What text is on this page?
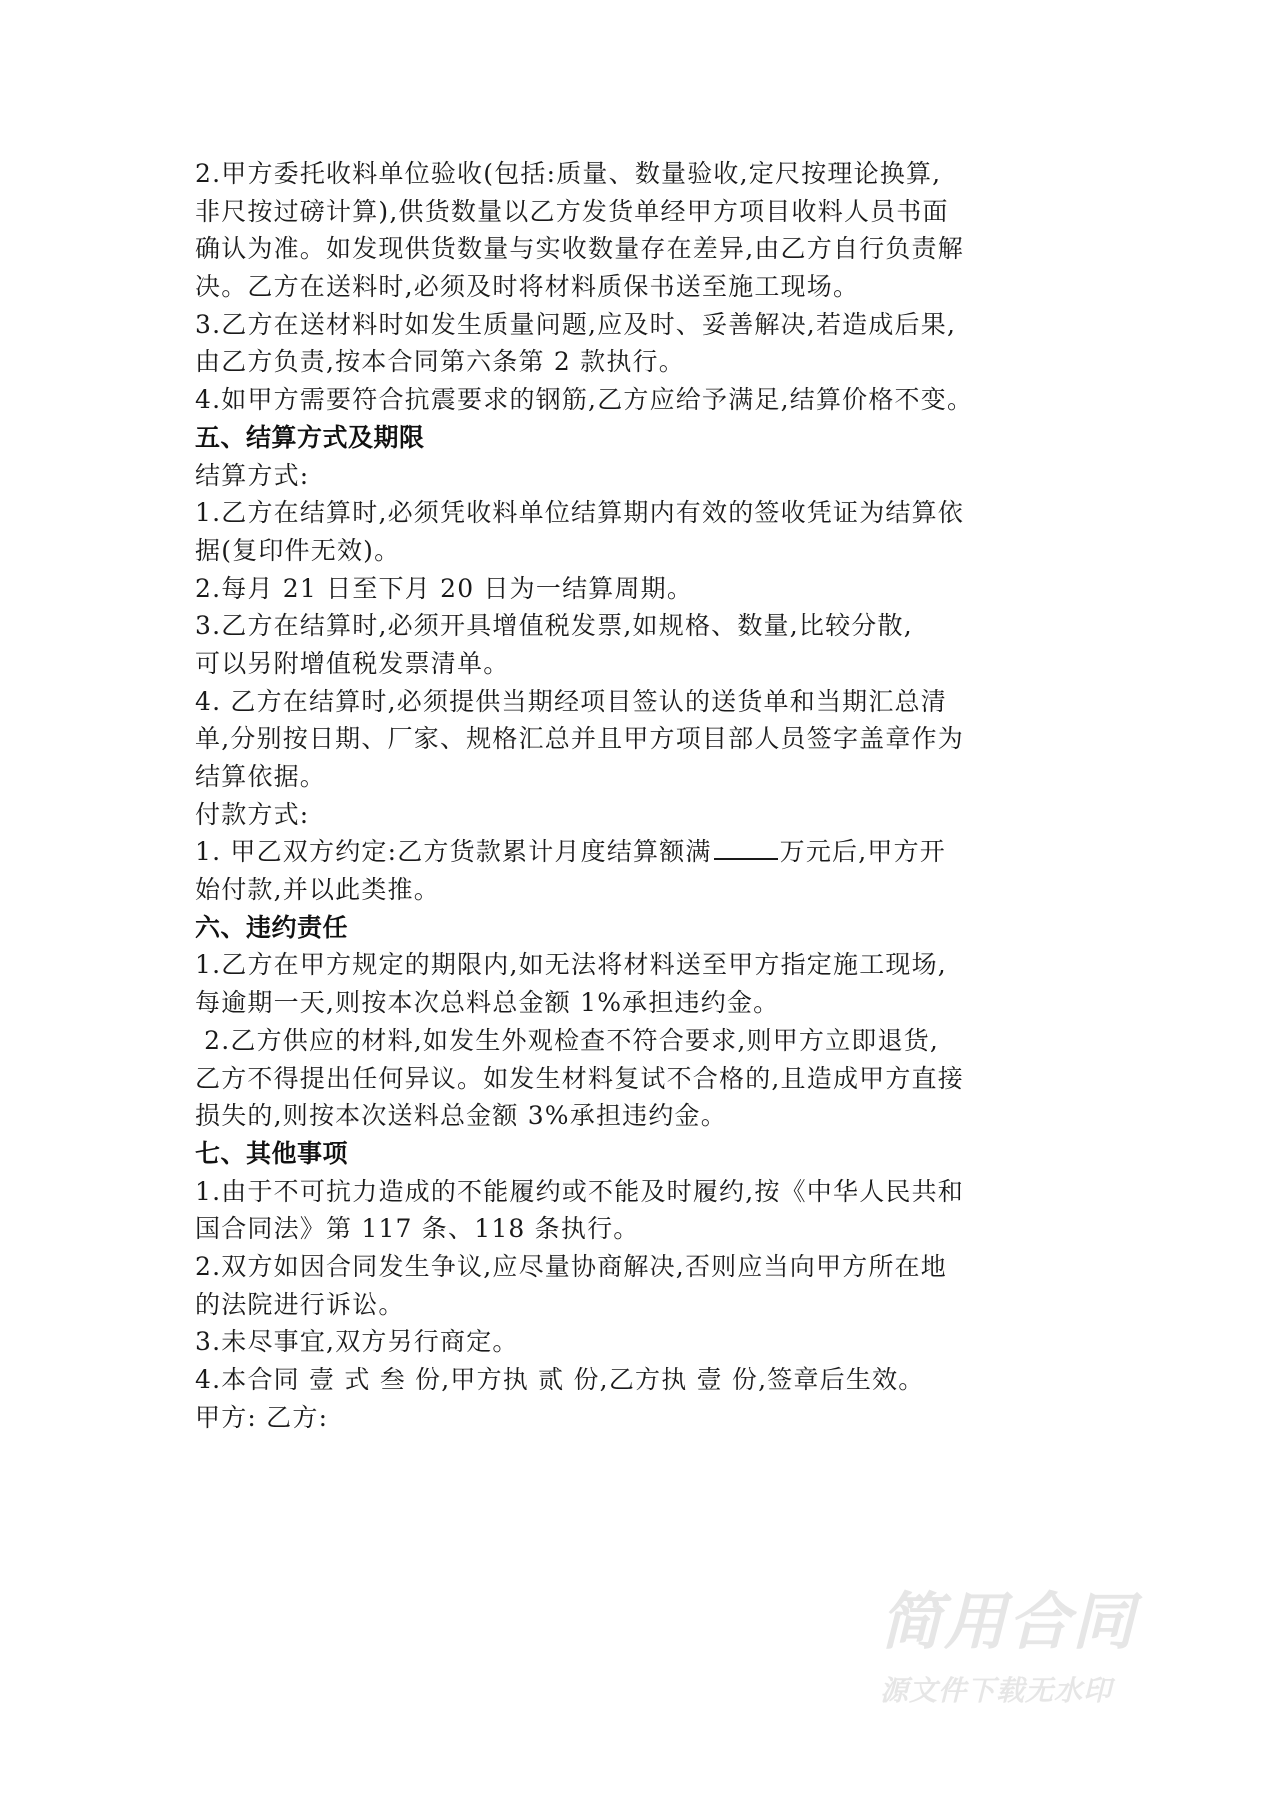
2.甲方委托收料单位验收(包括:质量、数量验收,定尺按理论换算,
非尺按过磅计算),供货数量以乙方发货单经甲方项目收料人员书面
确认为准。如发现供货数量与实收数量存在差异,由乙方自行负责解
决。乙方在送料时,必须及时将材料质保书送至施工现场。
3.乙方在送材料时如发生质量问题,应及时、妥善解决,若造成后果,
由乙方负责,按本合同第六条第 2 款执行。
4.如甲方需要符合抗震要求的钢筋,乙方应给予满足,结算价格不变。
五、结算方式及期限
结算方式:
1.乙方在结算时,必须凭收料单位结算期内有效的签收凭证为结算依
据(复印件无效)。
2.每月 21 日至下月 20 日为一结算周期。
3.乙方在结算时,必须开具增值税发票,如规格、数量,比较分散,
可以另附增值税发票清单。
4. 乙方在结算时,必须提供当期经项目签认的送货单和当期汇总清
单,分别按日期、厂家、规格汇总并且甲方项目部人员签字盖章作为
结算依据。
付款方式:
1. 甲乙双方约定:乙方货款累计月度结算额满	万元后,甲方开
始付款,并以此类推。
六、违约责任
1.乙方在甲方规定的期限内,如无法将材料送至甲方指定施工现场,
每逾期一天,则按本次总料总金额 1%承担违约金。
2.乙方供应的材料,如发生外观检查不符合要求,则甲方立即退货,
乙方不得提出任何异议。如发生材料复试不合格的,且造成甲方直接
损失的,则按本次送料总金额 3%承担违约金。
七、其他事项
1.由于不可抗力造成的不能履约或不能及时履约,按《中华人民共和
国合同法》第 117 条、118 条执行。
2.双方如因合同发生争议,应尽量协商解决,否则应当向甲方所在地
的法院进行诉讼。
3.未尽事宜,双方另行商定。
4.本合同 壹 式 叁 份,甲方执 贰 份,乙方执 壹 份,签章后生效。
甲方: 乙方:
简用合同
源文件下载无水印
